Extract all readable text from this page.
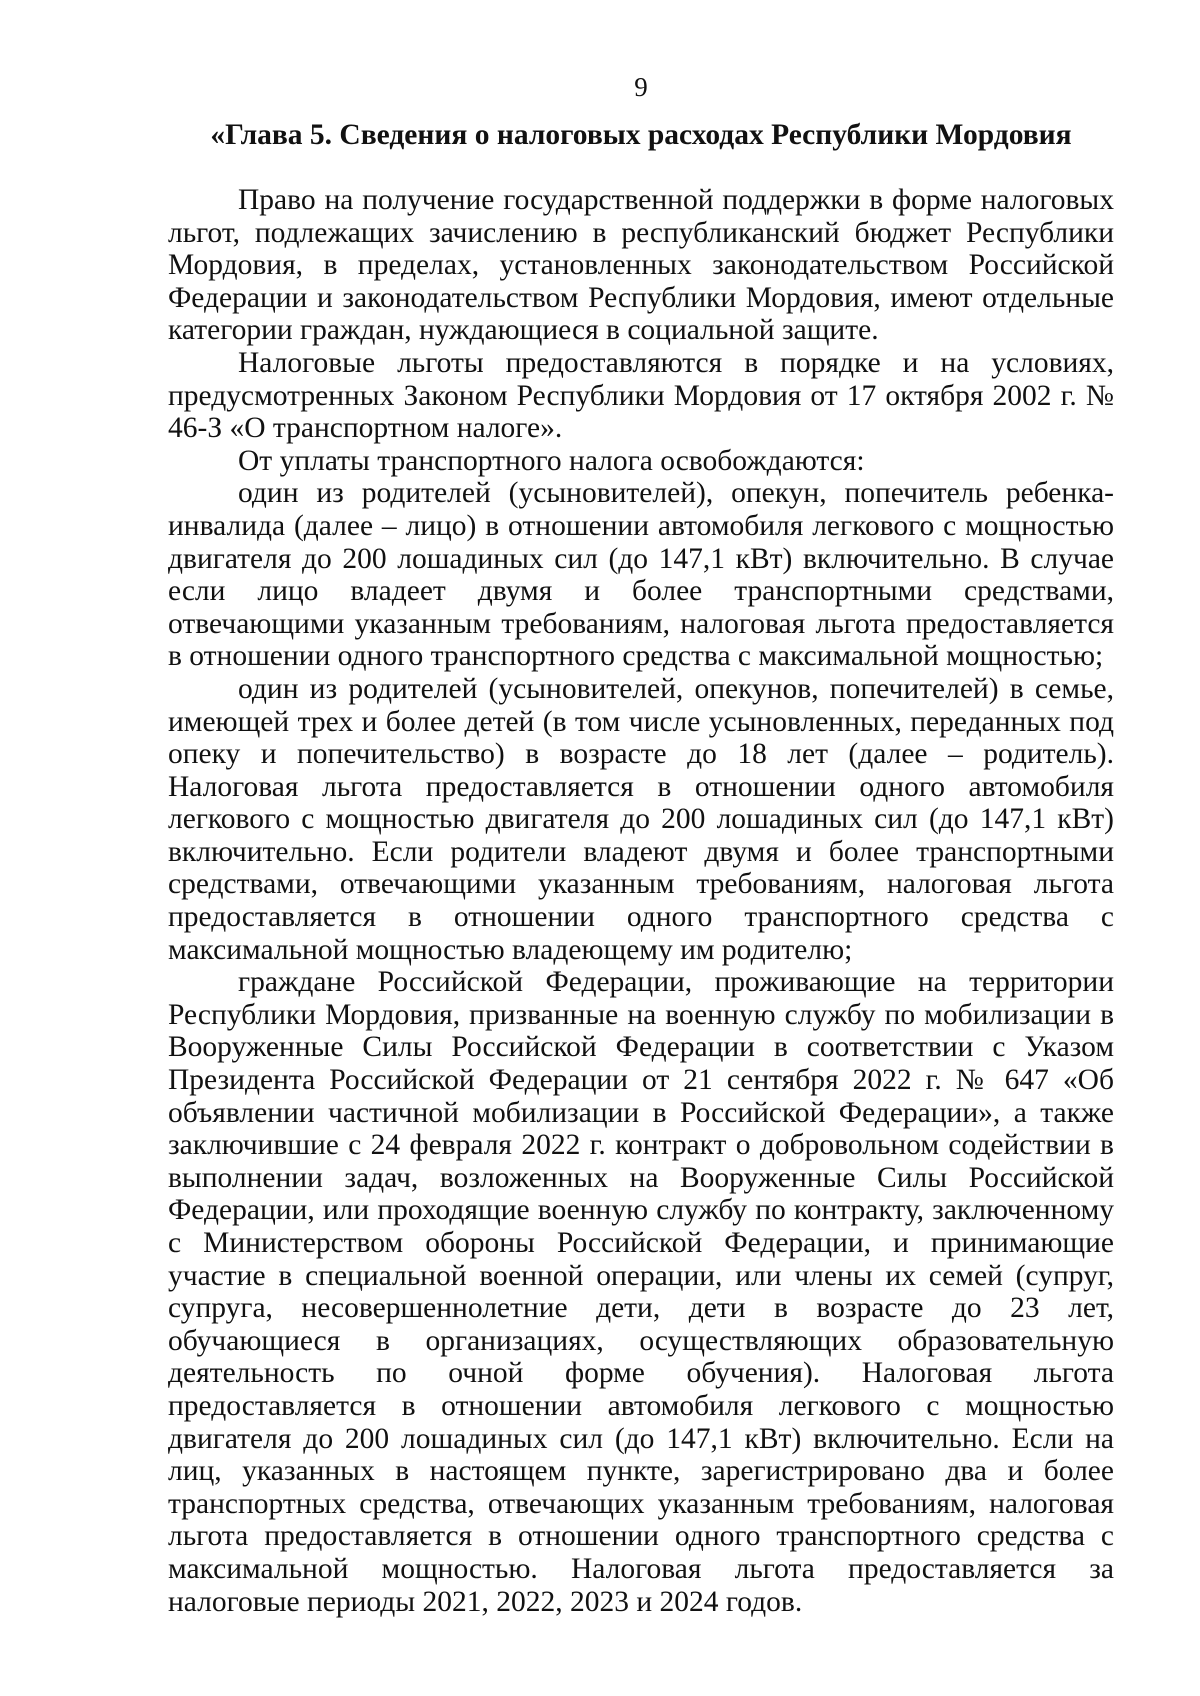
9
«Глава 5. Сведения о налоговых расходах Республики Мордовия

Право на получение государственной поддержки в форме налоговых льгот, подлежащих зачислению в республиканский бюджет Республики Мордовия, в пределах, установленных законодательством Российской Федерации и законодательством Республики Мордовия, имеют отдельные категории граждан, нуждающиеся в социальной защите.

Налоговые льготы предоставляются в порядке и на условиях, предусмотренных Законом Республики Мордовия от 17 октября 2002 г. № 46-З «О транспортном налоге».

От уплаты транспортного налога освобождаются:

один из родителей (усыновителей), опекун, попечитель ребенка-инвалида (далее – лицо) в отношении автомобиля легкового с мощностью двигателя до 200 лошадиных сил (до 147,1 кВт) включительно. В случае если лицо владеет двумя и более транспортными средствами, отвечающими указанным требованиям, налоговая льгота предоставляется в отношении одного транспортного средства с максимальной мощностью;

один из родителей (усыновителей, опекунов, попечителей) в семье, имеющей трех и более детей (в том числе усыновленных, переданных под опеку и попечительство) в возрасте до 18 лет (далее – родитель). Налоговая льгота предоставляется в отношении одного автомобиля легкового с мощностью двигателя до 200 лошадиных сил (до 147,1 кВт) включительно. Если родители владеют двумя и более транспортными средствами, отвечающими указанным требованиям, налоговая льгота предоставляется в отношении одного транспортного средства с максимальной мощностью владеющему им родителю;

граждане Российской Федерации, проживающие на территории Республики Мордовия, призванные на военную службу по мобилизации в Вооруженные Силы Российской Федерации в соответствии с Указом Президента Российской Федерации от 21 сентября 2022 г. № 647 «Об объявлении частичной мобилизации в Российской Федерации», а также заключившие с 24 февраля 2022 г. контракт о добровольном содействии в выполнении задач, возложенных на Вооруженные Силы Российской Федерации, или проходящие военную службу по контракту, заключенному с Министерством обороны Российской Федерации, и принимающие участие в специальной военной операции, или члены их семей (супруг, супруга, несовершеннолетние дети, дети в возрасте до 23 лет, обучающиеся в организациях, осуществляющих образовательную деятельность по очной форме обучения). Налоговая льгота предоставляется в отношении автомобиля легкового с мощностью двигателя до 200 лошадиных сил (до 147,1 кВт) включительно. Если на лиц, указанных в настоящем пункте, зарегистрировано два и более транспортных средства, отвечающих указанным требованиям, налоговая льгота предоставляется в отношении одного транспортного средства с максимальной мощностью. Налоговая льгота предоставляется за налоговые периоды 2021, 2022, 2023 и 2024 годов.
